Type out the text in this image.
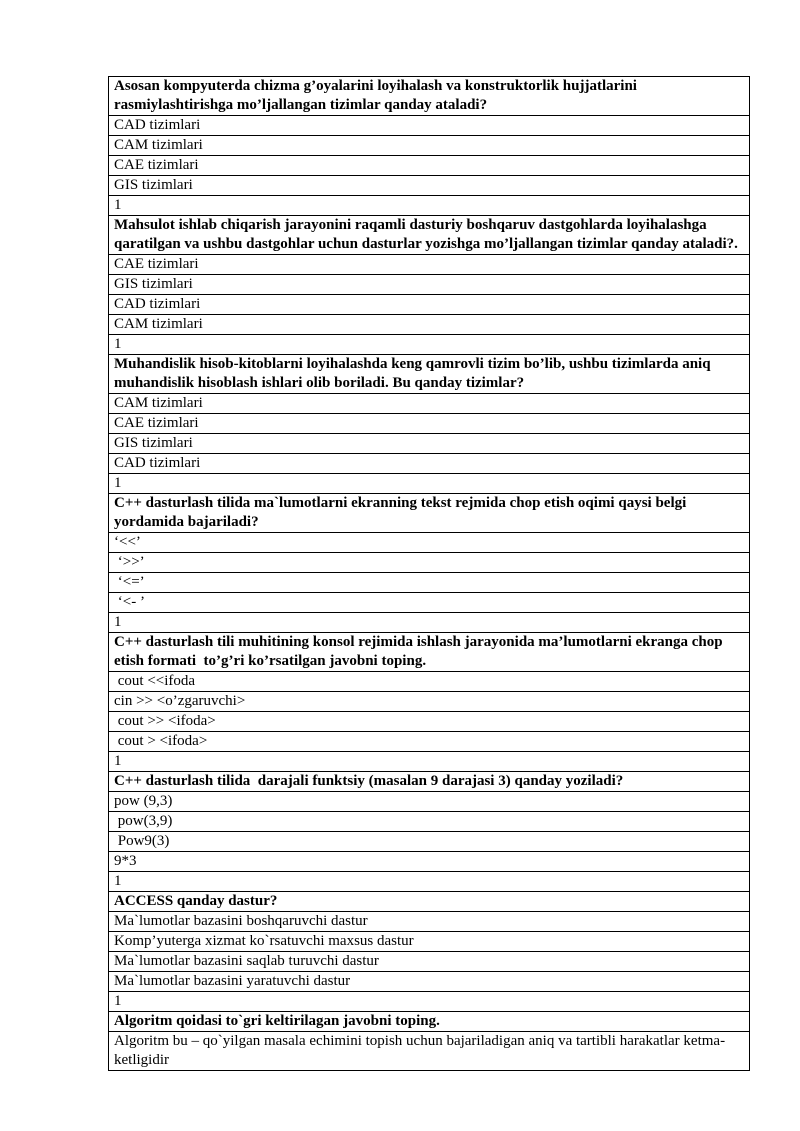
Asosan kompyuterda chizma g’oyalarini loyihalash va konstruktorlik hujjatlarini rasmiylashtirishga mo’ljallangan tizimlar qanday ataladi?
CAD tizimlari
CAM tizimlari
CAE tizimlari
GIS tizimlari
1
Mahsulot ishlab chiqarish jarayonini raqamli dasturiy boshqaruv dastgohlarda loyihalashga qaratilgan va ushbu dastgohlar uchun dasturlar yozishga mo’ljallangan tizimlar qanday ataladi?.
CAE tizimlari
GIS tizimlari
CAD tizimlari
CAM tizimlari
1
Muhandislik hisob-kitoblarni loyihalashda keng qamrovli tizim bo’lib, ushbu tizimlarda aniq muhandislik hisoblash ishlari olib boriladi. Bu qanday tizimlar?
CAM tizimlari
CAE tizimlari
GIS tizimlari
CAD tizimlari
1
C++ dasturlash tilida ma`lumotlarni ekranning tekst rejmida chop etish oqimi qaysi belgi yordamida bajariladi?
‘<<’
‘>>’
‘<=’
‘<- ’
1
C++ dasturlash tili muhitining konsol rejimida ishlash jarayonida ma’lumotlarni ekranga chop etish formati  to’g’ri ko’rsatilgan javobni toping.
cout <<ifoda
cin >> <o’zgaruvchi>
cout >> <ifoda>
cout > <ifoda>
1
C++ dasturlash tilida  darajali funktsiy (masalan 9 darajasi 3) qanday yoziladi?
pow (9,3)
pow(3,9)
Pow9(3)
9*3
1
ACCESS qanday dastur?
Ma`lumotlar bazasini boshqaruvchi dastur
Komp’yuterga xizmat ko`rsatuvchi maxsus dastur
Ma`lumotlar bazasini saqlab turuvchi dastur
Ma`lumotlar bazasini yaratuvchi dastur
1
Algoritm qoidasi to`gri keltirilagan javobni toping.
Algoritm bu – qo`yilgan masala echimini topish uchun bajariladigan aniq va tartibli harakatlar ketma-ketligidir
